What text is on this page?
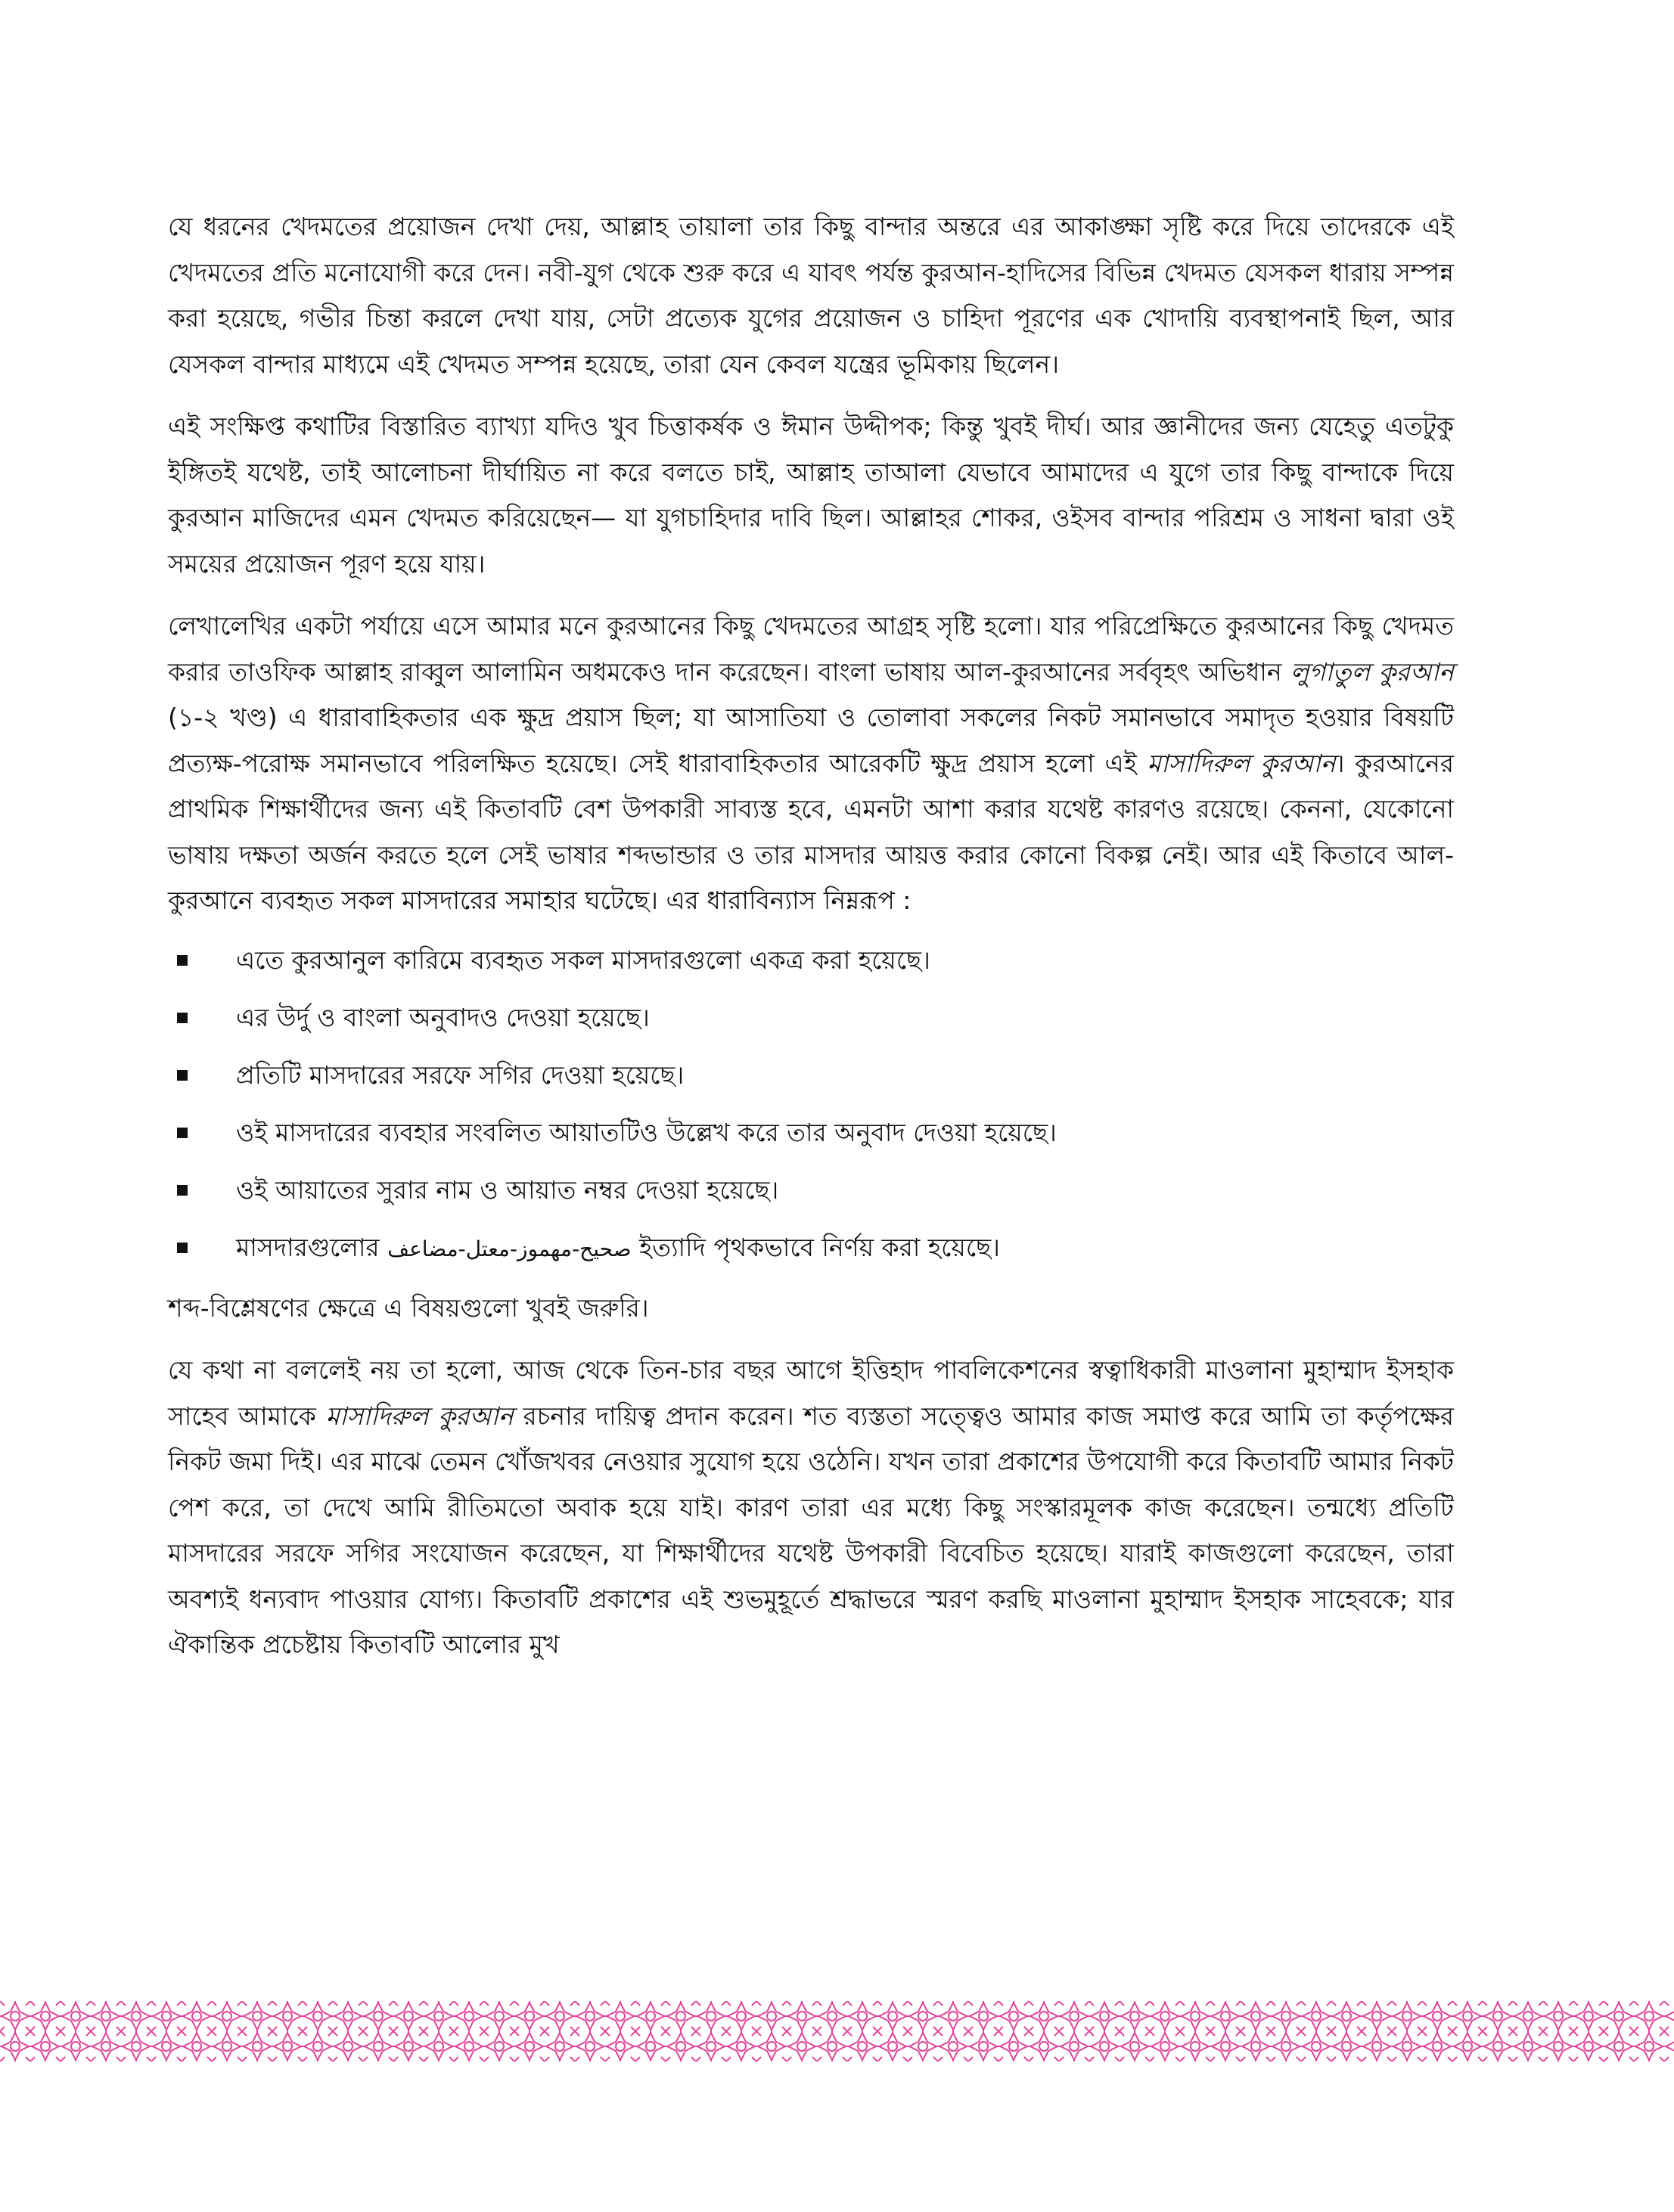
যে ধরনের খেদমতের প্রয়োজন দেখা দেয়, আল্লাহ তায়ালা তার কিছু বান্দার অন্তরে এর আকাঙ্ক্ষা সৃষ্টি করে দিয়ে তাদেরকে এই খেদমতের প্রতি মনোযোগী করে দেন। নবী-যুগ থেকে শুরু করে এ যাবৎ পর্যন্ত কুরআন-হাদিসের বিভিন্ন খেদমত যেসকল ধারায় সম্পন্ন করা হয়েছে, গভীর চিন্তা করলে দেখা যায়, সেটা প্রত্যেক যুগের প্রয়োজন ও চাহিদা পূরণের এক খোদায়ি ব্যবস্থাপনাই ছিল, আর যেসকল বান্দার মাধ্যমে এই খেদমত সম্পন্ন হয়েছে, তারা যেন কেবল যন্ত্রের ভূমিকায় ছিলেন।

এই সংক্ষিপ্ত কথাটির বিস্তারিত ব্যাখ্যা যদিও খুব চিত্তাকর্ষক ও ঈমান উদ্দীপক; কিন্তু খুবই দীর্ঘ। আর জ্ঞানীদের জন্য যেহেতু এতটুকু ইঙ্গিতই যথেষ্ট, তাই আলোচনা দীর্ঘায়িত না করে বলতে চাই, আল্লাহ তাআলা যেভাবে আমাদের এ যুগে তার কিছু বান্দাকে দিয়ে কুরআন মাজিদের এমন খেদমত করিয়েছেন— যা যুগচাহিদার দাবি ছিল। আল্লাহর শোকর, ওইসব বান্দার পরিশ্রম ও সাধনা দ্বারা ওই সময়ের প্রয়োজন পূরণ হয়ে যায়।

লেখালেখির একটা পর্যায়ে এসে আমার মনে কুরআনের কিছু খেদমতের আগ্রহ সৃষ্টি হলো। যার পরিপ্রেক্ষিতে কুরআনের কিছু খেদমত করার তাওফিক আল্লাহ রাব্বুল আলামিন অধমকেও দান করেছেন। বাংলা ভাষায় আল-কুরআনের সর্ববৃহৎ অভিধান লুগাতুল কুরআন (১-২ খণ্ড) এ ধারাবাহিকতার এক ক্ষুদ্র প্রয়াস ছিল; যা আসাতিযা ও তোলাবা সকলের নিকট সমানভাবে সমাদৃত হওয়ার বিষয়টি প্রত্যক্ষ-পরোক্ষ সমানভাবে পরিলক্ষিত হয়েছে। সেই ধারাবাহিকতার আরেকটি ক্ষুদ্র প্রয়াস হলো এই মাসাদিরুল কুরআন। কুরআনের প্রাথমিক শিক্ষার্থীদের জন্য এই কিতাবটি বেশ উপকারী সাব্যস্ত হবে, এমনটা আশা করার যথেষ্ট কারণও রয়েছে। কেননা, যেকোনো ভাষায় দক্ষতা অর্জন করতে হলে সেই ভাষার শব্দভান্ডার ও তার মাসদার আয়ত্ত করার কোনো বিকল্প নেই। আর এই কিতাবে আল-কুরআনে ব্যবহৃত সকল মাসদারের সমাহার ঘটেছে। এর ধারাবিন্যাস নিম্নরূপ :

এতে কুরআনুল কারিমে ব্যবহৃত সকল মাসদারগুলো একত্র করা হয়েছে।
এর উর্দু ও বাংলা অনুবাদও দেওয়া হয়েছে।
প্রতিটি মাসদারের সরফে সগির দেওয়া হয়েছে।
ওই মাসদারের ব্যবহার সংবলিত আয়াতটিও উল্লেখ করে তার অনুবাদ দেওয়া হয়েছে।
ওই আয়াতের সুরার নাম ও আয়াত নম্বর দেওয়া হয়েছে।
মাসদারগুলোর صحيح-مهموز-معتل-مضاعف ইত্যাদি পৃথকভাবে নির্ণয় করা হয়েছে।

শব্দ-বিশ্লেষণের ক্ষেত্রে এ বিষয়গুলো খুবই জরুরি।

যে কথা না বললেই নয় তা হলো, আজ থেকে তিন-চার বছর আগে ইত্তিহাদ পাবলিকেশনের স্বত্বাধিকারী মাওলানা মুহাম্মাদ ইসহাক সাহেব আমাকে মাসাদিরুল কুরআন রচনার দায়িত্ব প্রদান করেন। শত ব্যস্ততা সত্ত্বেও আমার কাজ সমাপ্ত করে আমি তা কর্তৃপক্ষের নিকট জমা দিই। এর মাঝে তেমন খোঁজখবর নেওয়ার সুযোগ হয়ে ওঠেনি। যখন তারা প্রকাশের উপযোগী করে কিতাবটি আমার নিকট পেশ করে, তা দেখে আমি রীতিমতো অবাক হয়ে যাই। কারণ তারা এর মধ্যে কিছু সংস্কারমূলক কাজ করেছেন। তন্মধ্যে প্রতিটি মাসদারের সরফে সগির সংযোজন করেছেন, যা শিক্ষার্থীদের যথেষ্ট উপকারী বিবেচিত হয়েছে। যারাই কাজগুলো করেছেন, তারা অবশ্যই ধন্যবাদ পাওয়ার যোগ্য। কিতাবটি প্রকাশের এই শুভমুহূর্তে শ্রদ্ধাভরে স্মরণ করছি মাওলানা মুহাম্মাদ ইসহাক সাহেবকে; যার ঐকান্তিক প্রচেষ্টায় কিতাবটি আলোর মুখ
